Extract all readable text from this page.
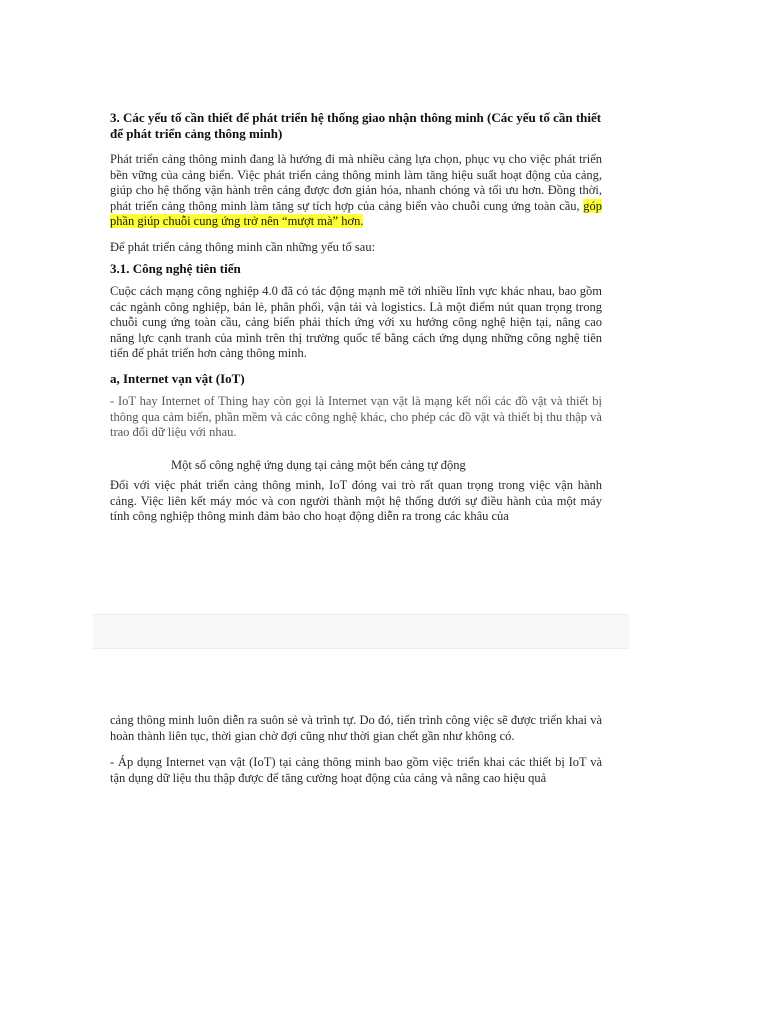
3. Các yếu tố cần thiết để phát triển hệ thống giao nhận thông minh (Các yếu tố cần thiết để phát triển cảng thông minh)
Phát triển cảng thông minh đang là hướng đi mà nhiều cảng lựa chọn, phục vụ cho việc phát triển bền vững của cảng biển. Việc phát triển cảng thông minh làm tăng hiệu suất hoạt động của cảng, giúp cho hệ thống vận hành trên cảng được đơn giản hóa, nhanh chóng và tối ưu hơn. Đồng thời, phát triển cảng thông minh làm tăng sự tích hợp của cảng biển vào chuỗi cung ứng toàn cầu, góp phần giúp chuỗi cung ứng trở nên “mượt mà” hơn.
Để phát triển cảng thông minh cần những yếu tố sau:
3.1. Công nghệ tiên tiến
Cuộc cách mạng công nghiệp 4.0 đã có tác động mạnh mẽ tới nhiều lĩnh vực khác nhau, bao gồm các ngành công nghiệp, bán lẻ, phân phối, vận tải và logistics. Là một điểm nút quan trọng trong chuỗi cung ứng toàn cầu, cảng biển phải thích ứng với xu hướng công nghệ hiện tại, nâng cao năng lực cạnh tranh của mình trên thị trường quốc tế bằng cách ứng dụng những công nghệ tiên tiến để phát triển hơn cảng thông minh.
a, Internet vạn vật (IoT)
- IoT hay Internet of Thing hay còn gọi là Internet vạn vật là mạng kết nối các đồ vật và thiết bị thông qua cảm biến, phần mềm và các công nghệ khác, cho phép các đồ vật và thiết bị thu thập và trao đổi dữ liệu với nhau.
Một số công nghệ ứng dụng tại cảng một bến cảng tự động
Đối với việc phát triển cảng thông minh, IoT đóng vai trò rất quan trọng trong việc vận hành cảng. Việc liên kết máy móc và con người thành một hệ thống dưới sự điều hành của một máy tính công nghiệp thông minh đảm bảo cho hoạt động diễn ra trong các khâu của
cảng thông minh luôn diễn ra suôn sẻ và trình tự. Do đó, tiến trình công việc sẽ được triển khai và hoàn thành liên tục, thời gian chờ đợi cũng như thời gian chết gần như không có.
- Áp dụng Internet vạn vật (IoT) tại cảng thông minh bao gồm việc triển khai các thiết bị IoT và tận dụng dữ liệu thu thập được để tăng cường hoạt động của cảng và nâng cao hiệu quả
